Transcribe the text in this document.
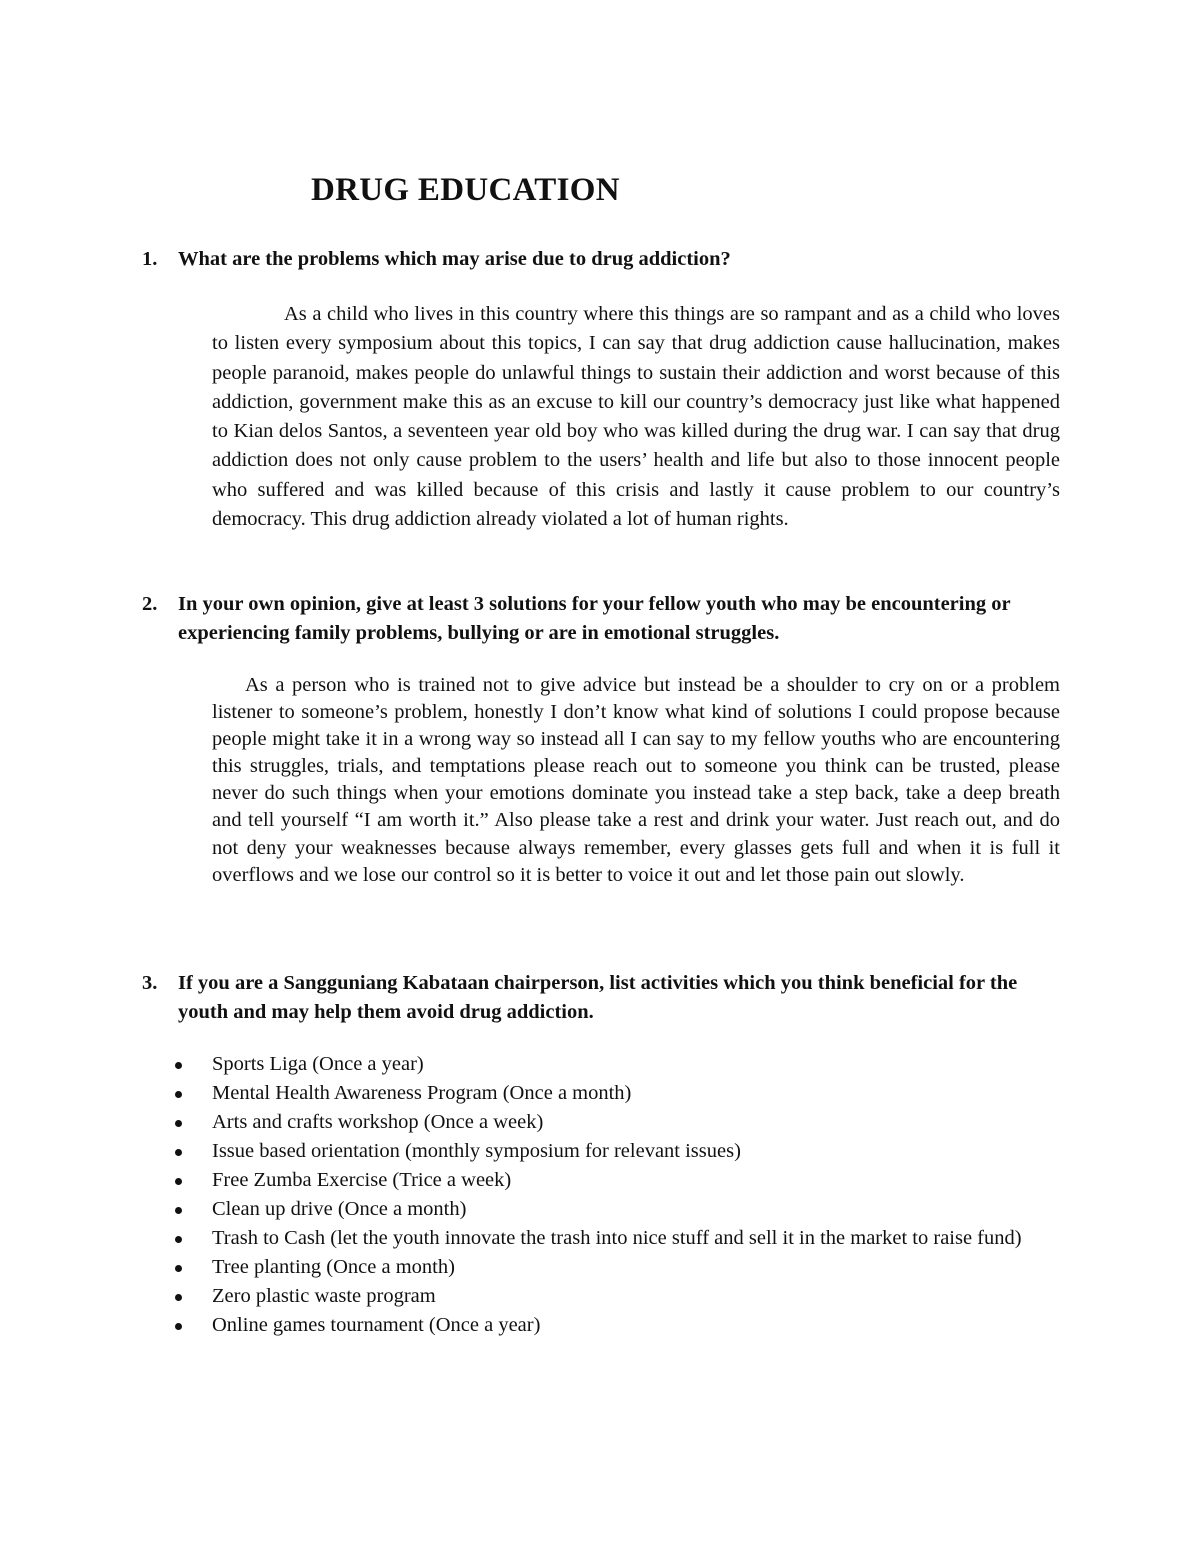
DRUG EDUCATION
1.	What are the problems which may arise due to drug addiction?

As a child who lives in this country where this things are so rampant and as a child who loves to listen every symposium about this topics, I can say that drug addiction cause hallucination, makes people paranoid, makes people do unlawful things to sustain their addiction and worst because of this addiction, government make this as an excuse to kill our country’s democracy just like what happened to Kian delos Santos, a seventeen year old boy who was killed during the drug war. I can say that drug addiction does not only cause problem to the users’ health and life but also to those innocent people who suffered and was killed because of this crisis and lastly it cause problem to our country’s democracy. This drug addiction already violated a lot of human rights.

2.	In your own opinion, give at least 3 solutions for your fellow youth who may be encountering or experiencing family problems, bullying or are in emotional struggles.

As a person who is trained not to give advice but instead be a shoulder to cry on or a problem listener to someone’s problem, honestly I don’t know what kind of solutions I could propose because people might take it in a wrong way so instead all I can say to my fellow youths who are encountering this struggles, trials, and temptations please reach out to someone you think can be trusted, please never do such things when your emotions dominate you instead take a step back, take a deep breath and tell yourself “I am worth it.” Also please take a rest and drink your water. Just reach out, and do not deny your weaknesses because always remember, every glasses gets full and when it is full it overflows and we lose our control so it is better to voice it out and let those pain out slowly.

3.	If you are a Sangguniang Kabataan chairperson, list activities which you think beneficial for the youth and may help them avoid drug addiction.
Sports Liga (Once a year)
Mental Health Awareness Program (Once a month)
Arts and crafts workshop (Once a week)
Issue based orientation (monthly symposium for relevant issues)
Free Zumba Exercise (Trice a week)
Clean up drive (Once a month)
Trash to Cash (let the youth innovate the trash into nice stuff and sell it in the market to raise fund)
Tree planting (Once a month)
Zero plastic waste program
Online games tournament (Once a year)
